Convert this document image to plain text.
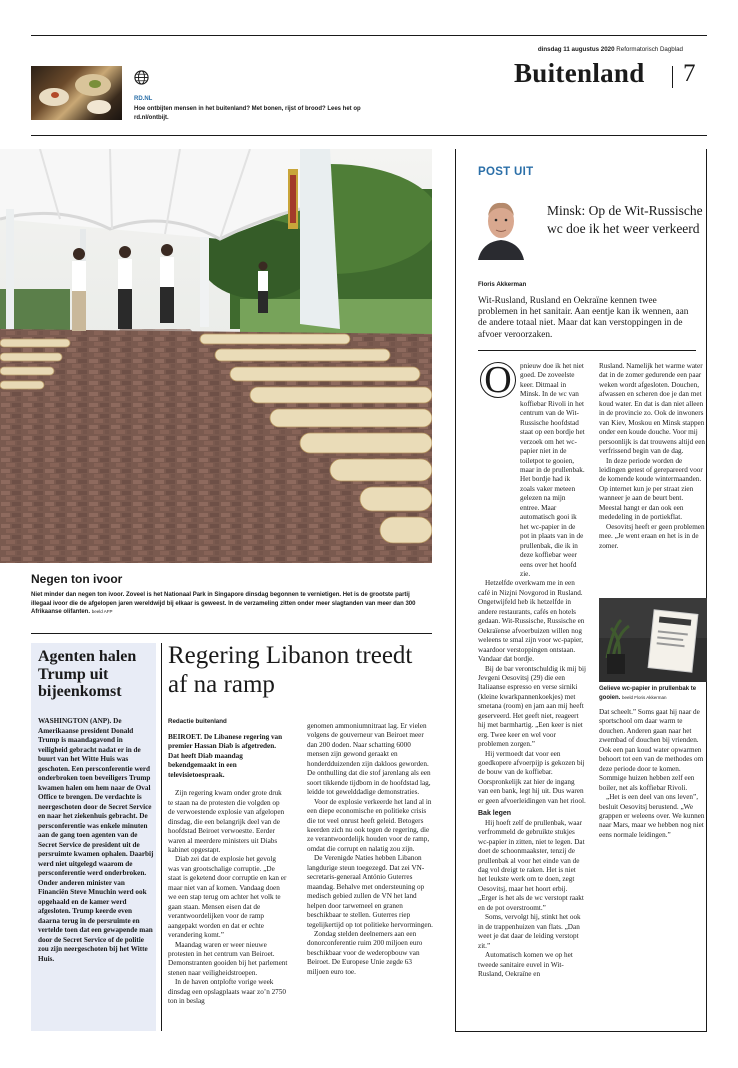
dinsdag 11 augustus 2020 Reformatorisch Dagblad
Buitenland 7
RD.NL
Hoe ontbijten mensen in het buitenland? Met bonen, rijst of brood? Lees het op rd.nl/ontbijt.
Negen ton ivoor
Niet minder dan negen ton ivoor. Zoveel is het Nationaal Park in Singapore dinsdag begonnen te vernietigen. Het is de grootste partij illegaal ivoor die de afgelopen jaren wereldwijd bij elkaar is geweest. In de verzameling zitten onder meer slagtanden van meer dan 300 Afrikaanse olifanten. beeld AFP
Agenten halen Trump uit bijeenkomst
WASHINGTON (ANP). De Amerikaanse president Donald Trump is maandagavond in veiligheid gebracht nadat er in de buurt van het Witte Huis was geschoten. Een persconferentie werd onderbroken toen beveiligers Trump kwamen halen om hem naar de Oval Office te brengen. De verdachte is neergeschoten door de Secret Service en naar het ziekenhuis gebracht. De persconferentie was enkele minuten aan de gang toen agenten van de Secret Service de president uit de persruimte kwamen ophalen. Daarbij werd niet uitgelegd waarom de persconferentie werd onderbroken. Onder anderen minister van Financiën Steve Mnuchin werd ook opgehaald en de kamer werd afgesloten. Trump keerde even daarna terug in de persruimte en vertelde toen dat een gewapende man door de Secret Service of de politie zou zijn neergeschoten bij het Witte Huis.
Regering Libanon treedt af na ramp
Redactie buitenland

BEIROET. De Libanese regering van premier Hassan Diab is afgetreden. Dat heeft Diab maandag bekendgemaakt in een televisietoespraak.

Zijn regering kwam onder grote druk te staan na de protesten die volgden op de verwoestende explosie van afgelopen dinsdag, die een belangrijk deel van de hoofdstad Beiroet verwoestte. Eerder waren al meerdere ministers uit Diabs kabinet opgestapt.

Diab zei dat de explosie het gevolg was van grootschalige corruptie. „De staat is geketend door corruptie en kan er maar niet van af komen. Vandaag doen we een stap terug om achter het volk te gaan staan. Mensen eisen dat de verantwoordelijken voor de ramp aangepakt worden en dat er echte verandering komt.”

Maandag waren er weer nieuwe protesten in het centrum van Beiroet. Demonstranten gooiden bij het parlement stenen naar veiligheidstroepen.

In de haven ontplofte vorige week dinsdag een opslagplaats waar zo’n 2750 ton in beslag

genomen ammoniumnitraat lag. Er vielen volgens de gouverneur van Beiroet meer dan 200 doden. Naar schatting 6000 mensen zijn gewond geraakt en honderdduizenden zijn dakloos geworden. De onthulling dat die stof jarenlang als een soort tikkende tijdbom in de hoofdstad lag, leidde tot gewelddadige demonstraties.

Voor de explosie verkeerde het land al in een diepe economische en politieke crisis die tot veel onrust heeft geleid. Betogers keerden zich nu ook tegen de regering, die ze verantwoordelijk houden voor de ramp, omdat die corrupt en nalatig zou zijn.

De Verenigde Naties hebben Libanon langdurige steun toegezegd. Dat zei VN-secretaris-generaal António Guterres maandag. Behalve met ondersteuning op medisch gebied zullen de VN het land helpen door tarwemeel en granen beschikbaar te stellen. Guterres riep tegelijkertijd op tot politieke hervormingen.

Zondag stelden deelnemers aan een donorconferentie ruim 200 miljoen euro beschikbaar voor de wederopbouw van Beiroet. De Europese Unie zegde 63 miljoen euro toe.

POST UIT
Minsk: Op de Wit-Russische wc doe ik het weer verkeerd
Floris Akkerman
Wit-Rusland, Rusland en Oekraïne kennen twee problemen in het sanitair. Aan eentje kan ik wennen, aan de andere totaal niet. Maar dat kan verstoppingen in de afvoer veroorzaken.
O	pnieuw doe ik het niet goed. De zoveelste keer. Ditmaal in Minsk. In de wc van koffiebar Rivoli in het centrum van de Wit-Russische hoofdstad staat op een bordje het verzoek om het wc-papier niet in de toiletpot te gooien, maar in de prullenbak. Het bordje had ik zoals vaker meteen gelezen na mijn entree. Maar automatisch gooi ik het wc-papier in de pot in plaats van in de prullenbak, die ik in deze koffiebar weer eens over het hoofd zie.

Hetzelfde overkwam me in een café in Nizjni Novgorod in Rusland. Ongetwijfeld heb ik hetzelfde in andere restaurants, cafés en hotels gedaan. Wit-Russische, Russische en Oekraïense afvoerbuizen willen nog weleens te smal zijn voor wc-papier, waardoor verstoppingen ontstaan. Vandaar dat bordje.

Bij de bar verontschuldig ik mij bij Jevgeni Oesovitsj (29) die een Italiaanse espresso en verse sirniki (kleine kwarkpannenkoekjes) met smetana (room) en jam aan mij heeft geserveerd. Het geeft niet, reageert hij met barmhartig. „Een keer is niet erg. Twee keer en wel voor problemen zorgen.”

Hij vermoedt dat voor een goedkopere afvoerpijp is gekozen bij de bouw van de koffiebar. Oorspronkelijk zat hier de ingang van een bank, legt hij uit. Dus waren er geen afvoerleidingen van het riool.

Bak legen

Hij hoeft zelf de prullenbak, waar verfrommeld de gebruikte stukjes wc-papier in zitten, niet te legen. Dat doet de schoonmaakster, tenzij de prullenbak al voor het einde van de dag vol dreigt te raken. Het is niet het leukste werk om te doen, zegt Oesovitsj, maar het hoort erbij. „Erger is het als de wc verstopt raakt en de pot overstroomt.”

Soms, vervolgt hij, stinkt het ook in de trappenhuizen van flats. „Dan weet je dat daar de leiding verstopt zit.”

Automatisch komen we op het tweede sanitaire euvel in Wit-Rusland, Oekraïne en

Rusland. Namelijk het warme water dat in de zomer gedurende een paar weken wordt afgesloten. Douchen, afwassen en scheren doe je dan met koud water. En dat is dan niet alleen in de provincie zo. Ook de inwoners van Kiev, Moskou en Minsk stappen onder een koude douche. Voor mij persoonlijk is dat trouwens altijd een verfrissend begin van de dag.

In deze periode worden de leidingen getest of gerepareerd voor de komende koude wintermaanden. Op internet kun je per straat zien wanneer je aan de beurt bent. Meestal hangt er dan ook een mededeling in de portiekflat.

Oesovitsj heeft er geen problemen mee. „Je went eraan en het is in de zomer.

Gelieve wc-papier in prullenbak te gooien. beeld Floris Akkerman

Dat scheelt.” Soms gaat hij naar de sportschool om daar warm te douchen. Anderen gaan naar het zwembad of douchen bij vrienden. Ook een pan koud water opwarmen behoort tot een van de methodes om deze periode door te komen. Sommige huizen hebben zelf een boiler, net als koffiebar Rivoli.

„Het is een deel van ons leven”, besluit Oesovitsj berustend. „We grappen er weleens over. We kunnen naar Mars, maar we hebben nog niet eens normale leidingen.”
